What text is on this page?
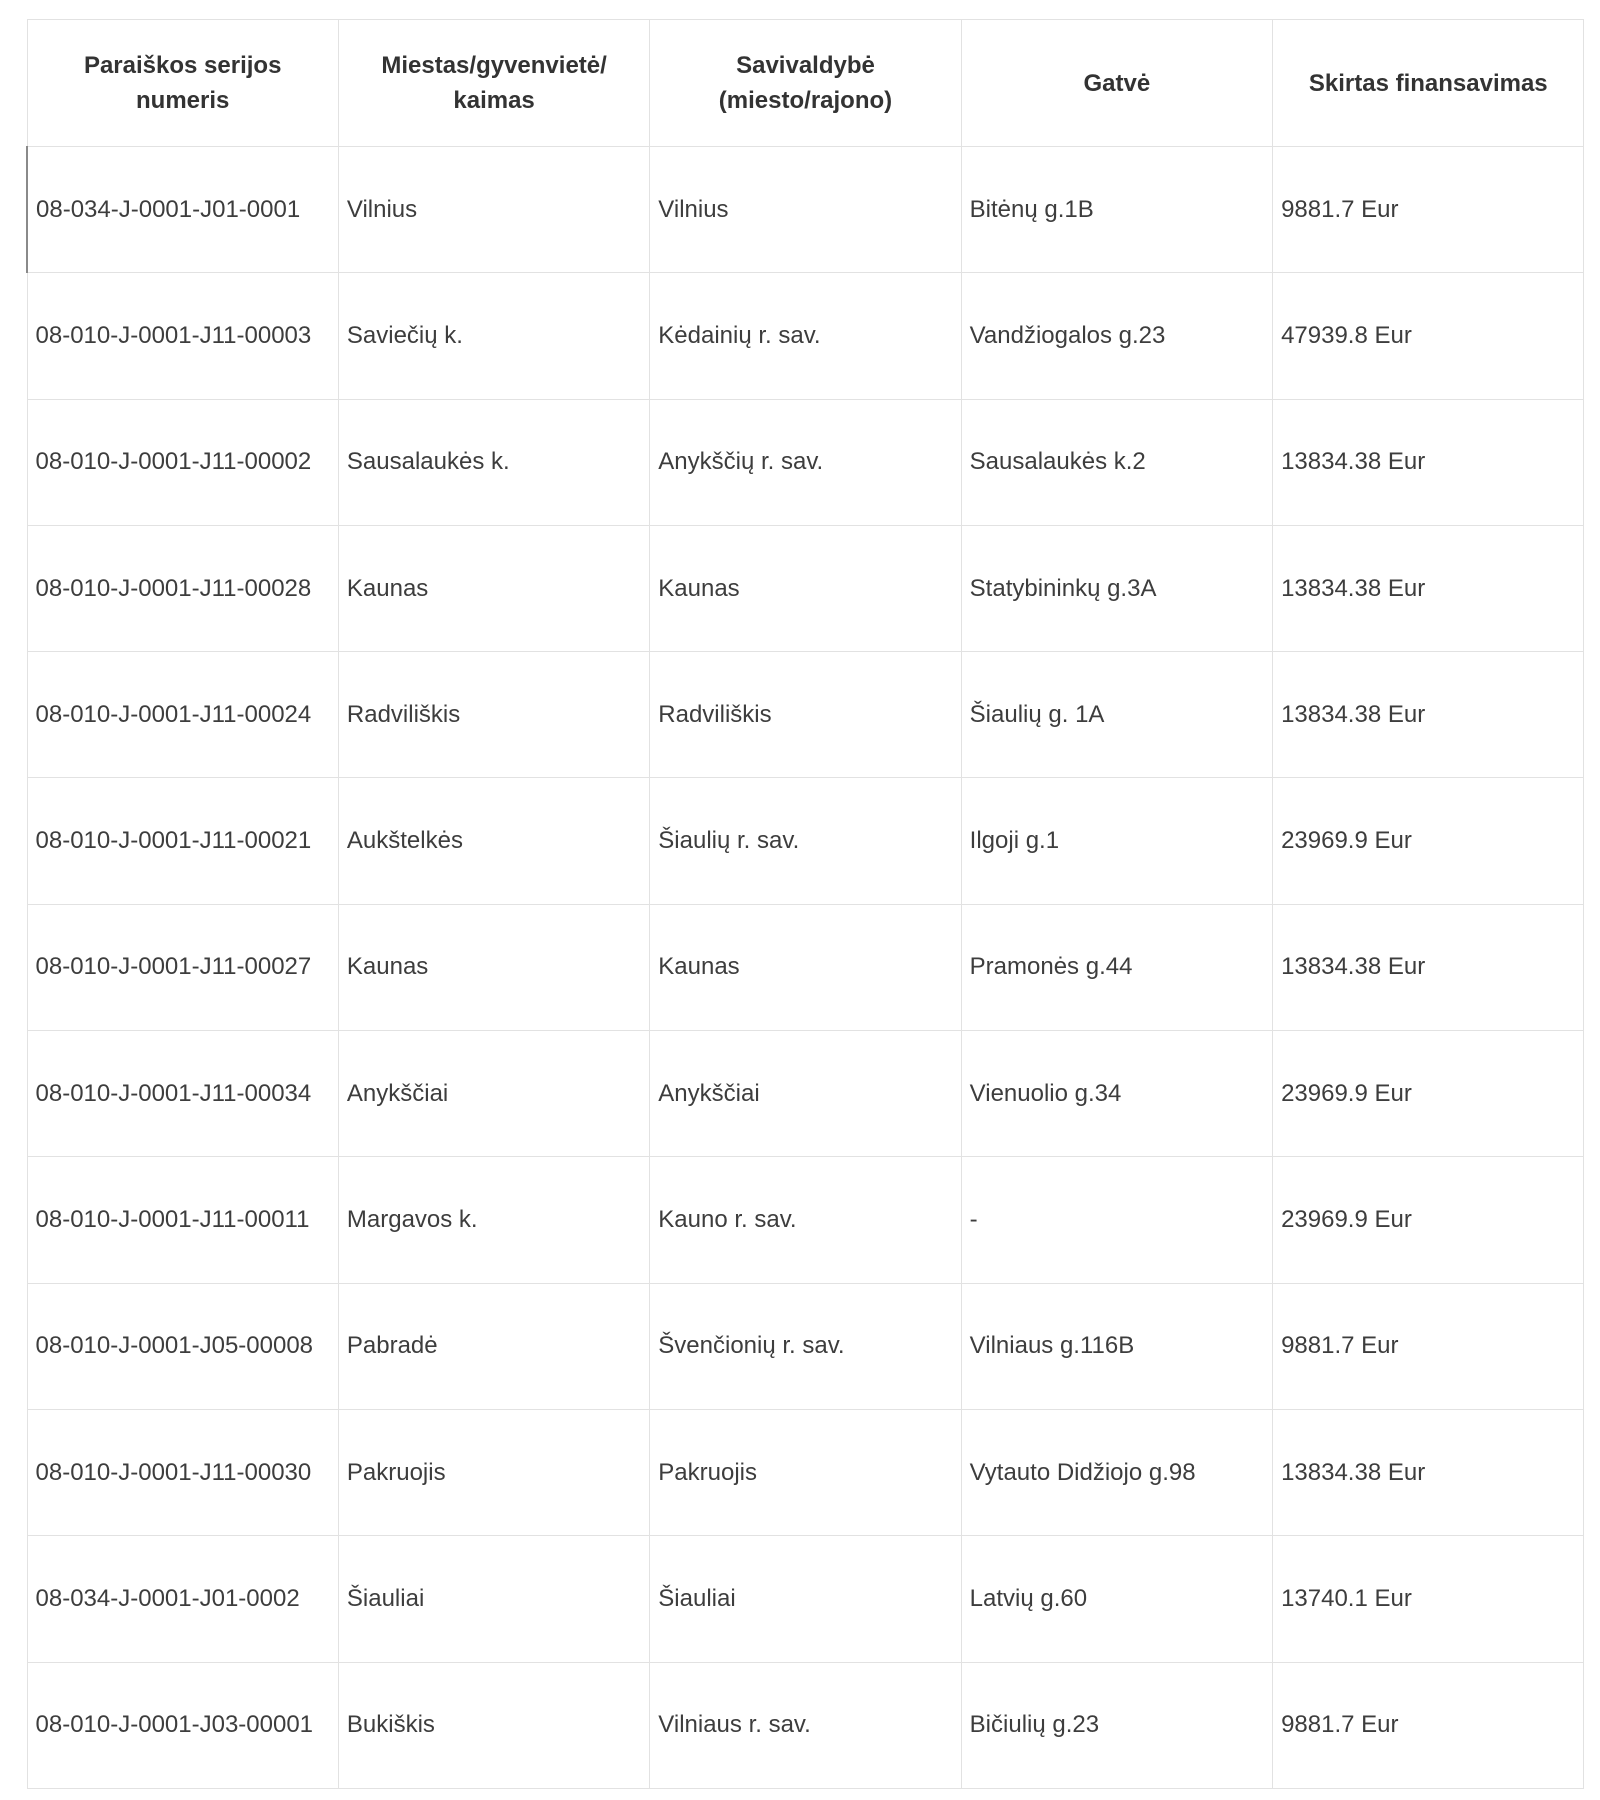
Paraiškos serijos numeris	Miestas/gyvenvietė/ kaimas	Savivaldybė (miesto/rajono)	Gatvė	Skirtas finansavimas
08-034-J-0001-J01-0001	Vilnius	Vilnius	Bitėnų g.1B	9881.7 Eur
08-010-J-0001-J11-00003	Saviečių k.	Kėdainių r. sav.	Vandžiogalos g.23	47939.8 Eur
08-010-J-0001-J11-00002	Sausalaukės k.	Anykščių r. sav.	Sausalaukės k.2	13834.38 Eur
08-010-J-0001-J11-00028	Kaunas	Kaunas	Statybininkų g.3A	13834.38 Eur
08-010-J-0001-J11-00024	Radviliškis	Radviliškis	Šiaulių g. 1A	13834.38 Eur
08-010-J-0001-J11-00021	Aukštelkės	Šiaulių r. sav.	Ilgoji g.1	23969.9 Eur
08-010-J-0001-J11-00027	Kaunas	Kaunas	Pramonės g.44	13834.38 Eur
08-010-J-0001-J11-00034	Anykščiai	Anykščiai	Vienuolio g.34	23969.9 Eur
08-010-J-0001-J11-00011	Margavos k.	Kauno r. sav.	-	23969.9 Eur
08-010-J-0001-J05-00008	Pabradė	Švenčionių r. sav.	Vilniaus g.116B	9881.7 Eur
08-010-J-0001-J11-00030	Pakruojis	Pakruojis	Vytauto Didžiojo g.98	13834.38 Eur
08-034-J-0001-J01-0002	Šiauliai	Šiauliai	Latvių g.60	13740.1 Eur
08-010-J-0001-J03-00001	Bukiškis	Vilniaus r. sav.	Bičiulių g.23	9881.7 Eur
